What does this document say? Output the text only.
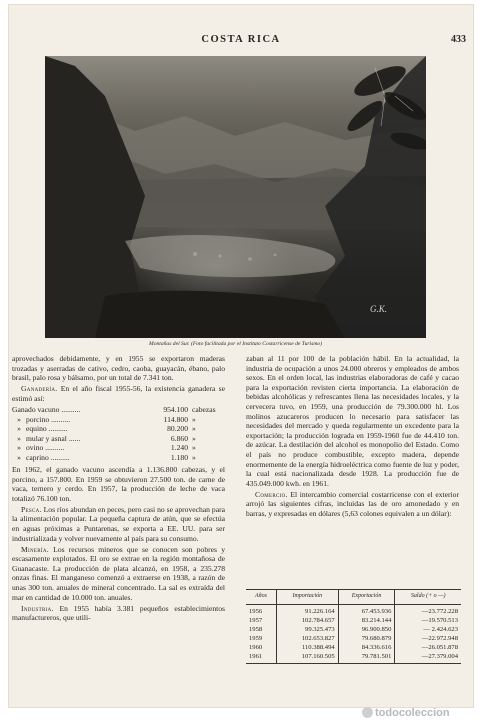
COSTA RICA	433
G.K.
Montañas del Sur. (Foto facilitada por el Instituto Costarricense de Turismo)

aprovechados debidamente, y en 1955 se exportaron maderas trozadas y aserradas de cativo, cedro, caoba, guayacán, ébano, palo brasil, palo rosa y bálsamo, por un total de 7.341 ton.

Ganadería. En el año fiscal 1955-56, la existencia ganadera se estimó así:

Ganado vacuno ..........	954.100	cabezas
» porcino ..........	114.800	»
» equino ..........	80.200	»
» mular y asnal ......	6.860	»
» ovino ..........	1.240	»
» caprino ..........	1.180	»

En 1962, el ganado vacuno ascendía a 1.136.800 cabezas, y el porcino, a 157.800. En 1959 se obtuvieron 27.500 ton. de carne de vaca, ternero y cerdo. En 1957, la producción de leche de vaca totalizó 76.100 ton.

Pesca. Los ríos abundan en peces, pero casi no se aprovechan para la alimentación popular. La pequeña captura de atún, que se efectúa en aguas próximas a Puntarenas, se exporta a EE. UU. para ser industrializada y volver nuevamente al país para su consumo.

Minería. Los recursos mineros que se conocen son pobres y escasamente explotados. El oro se extrae en la región montañosa de Guanacaste. La producción de plata alcanzó, en 1958, a 235.278 onzas finas. El manganeso comenzó a extraerse en 1938, a razón de unas 300 ton. anuales de mineral concentrado. La sal es extraída del mar en cantidad de 10.000 ton. anuales.

Industria. En 1955 había 3.381 pequeños establecimientos manufactureros, que utili-

zaban al 11 por 100 de la población hábil. En la actualidad, la industria de ocupación a unos 24.000 obreros y empleados de ambos sexos. En el orden local, las industrias elaboradoras de café y cacao para la exportación revisten cierta importancia. La elaboración de bebidas alcohólicas y refrescantes llena las necesidades locales, y la cervecera tuvo, en 1959, una producción de 79.300.000 hl. Los molinos azucareros producen lo necesario para satisfacer las necesidades del mercado y queda regularmente un excedente para la exportación; la producción lograda en 1959-1960 fue de 44.410 ton. de azúcar. La destilación del alcohol es monopolio del Estado. Como el país no produce combustible, excepto madera, depende enormemente de la energía hidroeléctrica como fuente de luz y poder, la cual está nacionalizada desde 1928. La producción fue de 435.049.000 kwh. en 1961.

Comercio. El intercambio comercial costarricense con el exterior arrojó las siguientes cifras, incluidas las de oro amonedado y en barras, y expresadas en dólares (5,63 colones equivalen a un dólar):

Años	Importación	Exportación	Saldo (+ o —)
1956	91.226.164	67.453.936	—23.772.228
1957	102.784.657	83.214.144	—19.570.513
1958	99.325.473	96.900.850	— 2.424.623
1959	102.653.827	79.680.879	—22.972.948
1960	110.388.494	84.336.616	—26.051.878
1961	107.160.505	79.781.501	—27.379.004
todocoleccion
